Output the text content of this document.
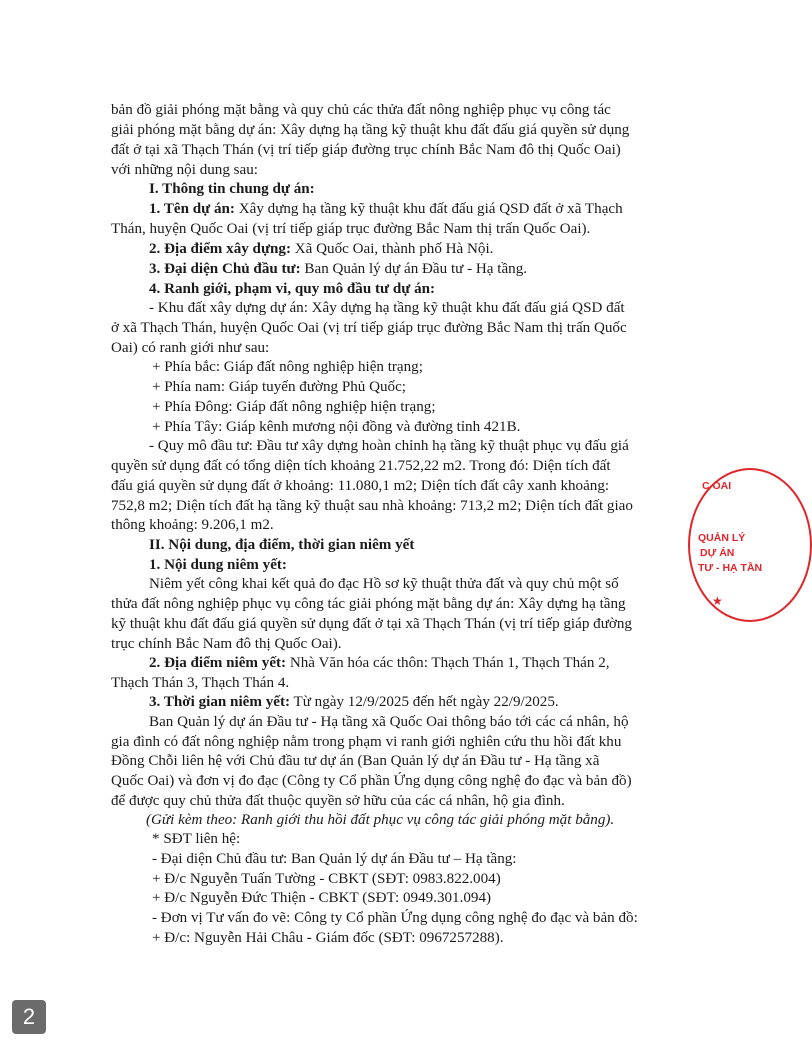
bản đồ giải phóng mặt bằng và quy chủ các thửa đất nông nghiệp phục vụ công tác
giải phóng mặt bằng dự án: Xây dựng hạ tầng kỹ thuật khu đất đấu giá quyền sử dụng
đất ở tại xã Thạch Thán (vị trí tiếp giáp đường trục chính Bắc Nam đô thị Quốc Oai)
với những nội dung sau:
I. Thông tin chung dự án:
1. Tên dự án: Xây dựng hạ tầng kỹ thuật khu đất đấu giá QSD đất ở xã Thạch
Thán, huyện Quốc Oai (vị trí tiếp giáp trục đường Bắc Nam thị trấn Quốc Oai).
2. Địa điểm xây dựng: Xã Quốc Oai, thành phố Hà Nội.
3. Đại diện Chủ đầu tư: Ban Quản lý dự án Đầu tư - Hạ tầng.
4. Ranh giới, phạm vi, quy mô đầu tư dự án:
- Khu đất xây dựng dự án: Xây dựng hạ tầng kỹ thuật khu đất đấu giá QSD đất
ở xã Thạch Thán, huyện Quốc Oai (vị trí tiếp giáp trục đường Bắc Nam thị trấn Quốc
Oai) có ranh giới như sau:
+ Phía bắc: Giáp đất nông nghiệp hiện trạng;
+ Phía nam: Giáp tuyến đường Phủ Quốc;
+ Phía Đông: Giáp đất nông nghiệp hiện trạng;
+ Phía Tây: Giáp kênh mương nội đồng và đường tỉnh 421B.
- Quy mô đầu tư: Đầu tư xây dựng hoàn chỉnh hạ tầng kỹ thuật phục vụ đấu giá
quyền sử dụng đất có tổng diện tích khoảng 21.752,22 m2. Trong đó: Diện tích đất
đấu giá quyền sử dụng đất ở khoảng: 11.080,1 m2; Diện tích đất cây xanh khoảng:
752,8 m2; Diện tích đất hạ tầng kỹ thuật sau nhà khoảng: 713,2 m2; Diện tích đất giao
thông khoảng: 9.206,1 m2.
II. Nội dung, địa điểm, thời gian niêm yết
1. Nội dung niêm yết:
Niêm yết công khai kết quả đo đạc Hồ sơ kỹ thuật thửa đất và quy chủ một số
thửa đất nông nghiệp phục vụ công tác giải phóng mặt bằng dự án: Xây dựng hạ tầng
kỹ thuật khu đất đấu giá quyền sử dụng đất ở tại xã Thạch Thán (vị trí tiếp giáp đường
trục chính Bắc Nam đô thị Quốc Oai).
2. Địa điểm niêm yết: Nhà Văn hóa các thôn: Thạch Thán 1, Thạch Thán 2,
Thạch Thán 3, Thạch Thán 4.
3. Thời gian niêm yết: Từ ngày 12/9/2025 đến hết ngày 22/9/2025.
Ban Quản lý dự án Đầu tư - Hạ tầng xã Quốc Oai thông báo tới các cá nhân, hộ
gia đình có đất nông nghiệp nằm trong phạm vi ranh giới nghiên cứu thu hồi đất khu
Đồng Chỗi liên hệ với Chủ đầu tư dự án (Ban Quản lý dự án Đầu tư - Hạ tầng xã
Quốc Oai) và đơn vị đo đạc (Công ty Cổ phần Ứng dụng công nghệ đo đạc và bản đồ)
để được quy chủ thửa đất thuộc quyền sở hữu của các cá nhân, hộ gia đình.
(Gửi kèm theo: Ranh giới thu hồi đất phục vụ công tác giải phóng mặt bằng).
* SĐT liên hệ:
- Đại diện Chủ đầu tư: Ban Quản lý dự án Đầu tư – Hạ tầng:
+ Đ/c Nguyễn Tuấn Tường - CBKT (SĐT: 0983.822.004)
+ Đ/c Nguyễn Đức Thiện - CBKT (SĐT: 0949.301.094)
- Đơn vị Tư vấn đo vẽ: Công ty Cổ phần Ứng dụng công nghệ đo đạc và bản đồ:
+ Đ/c: Nguyễn Hải Châu - Giám đốc (SĐT: 0967257288).
C OAI
QUẢN LÝ
DỰ ÁN
TƯ - HẠ TẦN
★
2
